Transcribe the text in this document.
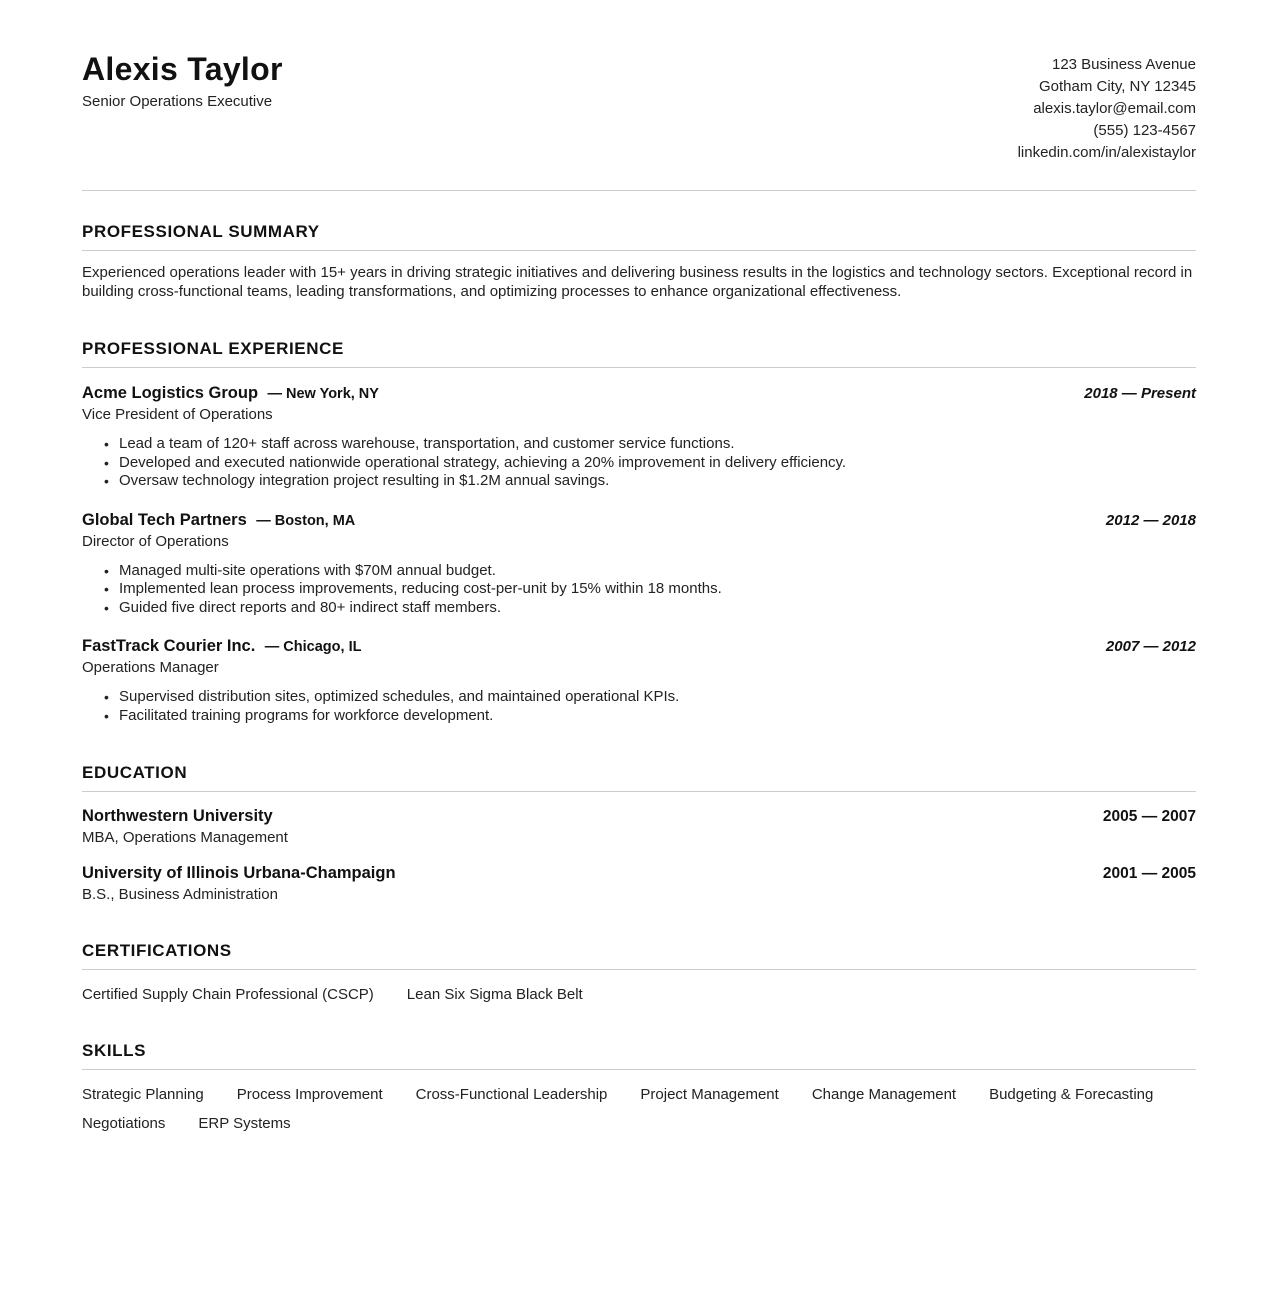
Alexis Taylor
Senior Operations Executive
123 Business Avenue
Gotham City, NY 12345
alexis.taylor@email.com
(555) 123-4567
linkedin.com/in/alexistaylor
PROFESSIONAL SUMMARY

Experienced operations leader with 15+ years in driving strategic initiatives and delivering business results in the logistics and technology sectors. Exceptional record in building cross-functional teams, leading transformations, and optimizing processes to enhance organizational effectiveness.

PROFESSIONAL EXPERIENCE
Acme Logistics Group — New York, NY	2018 — Present
Vice President of Operations
• Lead a team of 120+ staff across warehouse, transportation, and customer service functions.
• Developed and executed nationwide operational strategy, achieving a 20% improvement in delivery efficiency.
• Oversaw technology integration project resulting in $1.2M annual savings.
Global Tech Partners — Boston, MA	2012 — 2018
Director of Operations
• Managed multi-site operations with $70M annual budget.
• Implemented lean process improvements, reducing cost-per-unit by 15% within 18 months.
• Guided five direct reports and 80+ indirect staff members.
FastTrack Courier Inc. — Chicago, IL	2007 — 2012
Operations Manager
• Supervised distribution sites, optimized schedules, and maintained operational KPIs.
• Facilitated training programs for workforce development.
EDUCATION
Northwestern University	2005 — 2007
MBA, Operations Management
University of Illinois Urbana-Champaign	2001 — 2005
B.S., Business Administration
CERTIFICATIONS
Certified Supply Chain Professional (CSCP) Lean Six Sigma Black Belt
SKILLS
Strategic Planning Process Improvement Cross-Functional Leadership Project Management Change Management Budgeting & Forecasting
Negotiations ERP Systems
